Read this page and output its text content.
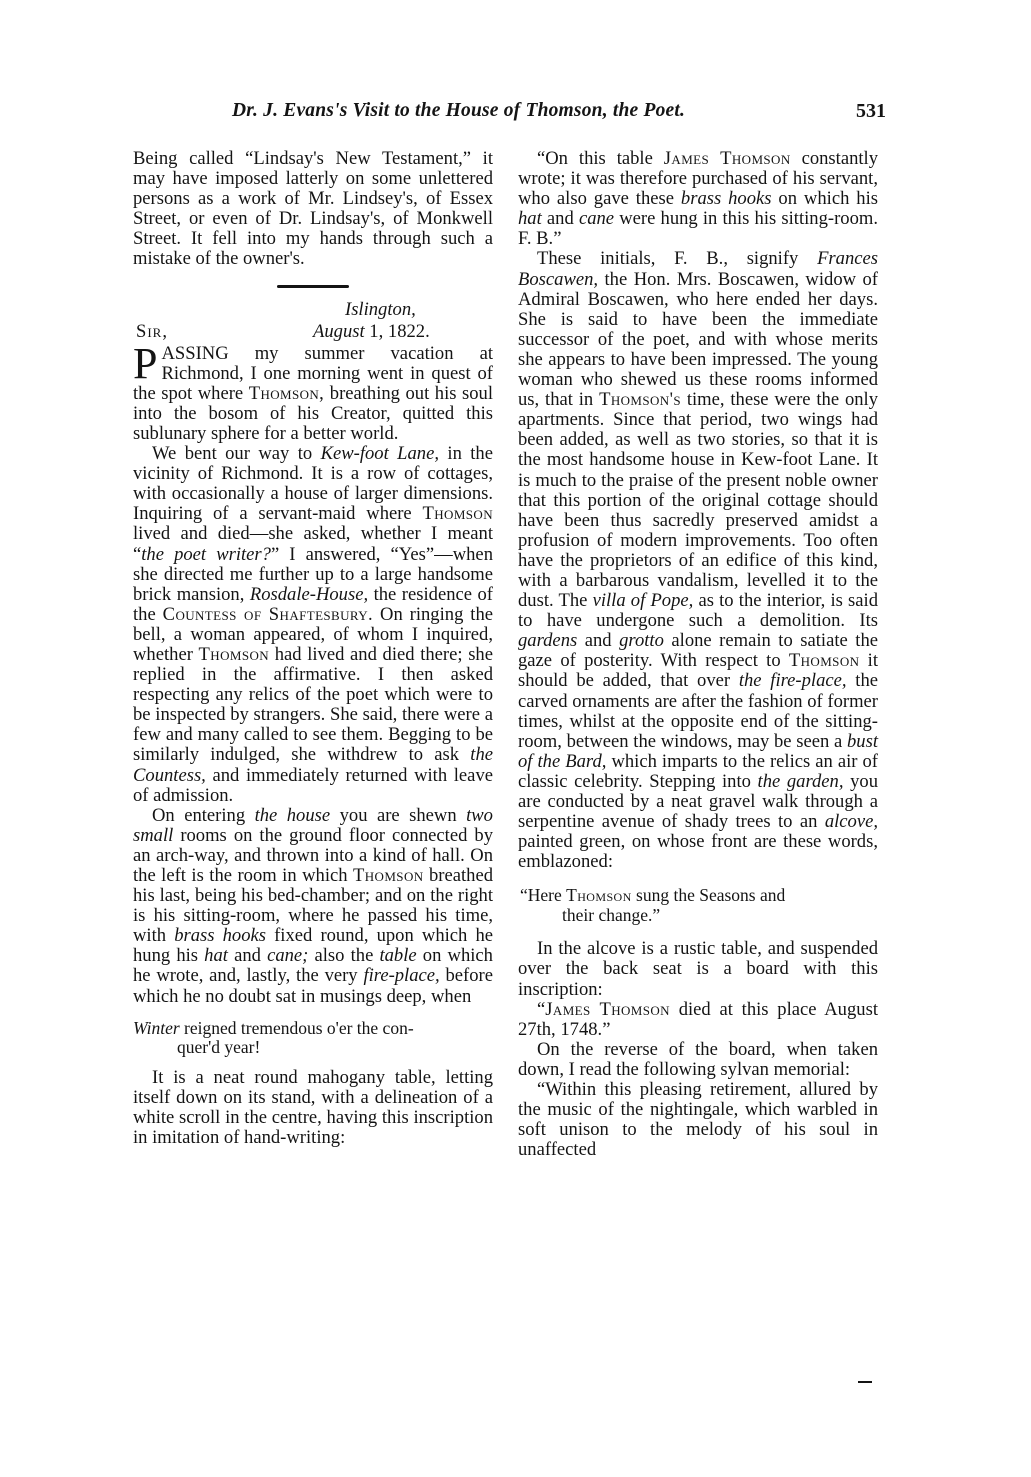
Dr. J. Evans's Visit to the House of Thomson, the Poet.	531

Being called “Lindsay's New Testament,” it may have imposed latterly on some unlettered persons as a work of Mr. Lindsey's, of Essex Street, or even of Dr. Lindsay's, of Monkwell Street. It fell into my hands through such a mistake of the owner's.

Islington,
Sir,	August 1, 1822.

PASSING my summer vacation at Richmond, I one morning went in quest of the spot where Thomson, breathing out his soul into the bosom of his Creator, quitted this sublunary sphere for a better world.

We bent our way to Kew-foot Lane, in the vicinity of Richmond. It is a row of cottages, with occasionally a house of larger dimensions. Inquiring of a servant-maid where Thomson lived and died—she asked, whether I meant “the poet writer?” I answered, “Yes”—when she directed me further up to a large handsome brick mansion, Rosdale-House, the residence of the Countess of Shaftesbury. On ringing the bell, a woman appeared, of whom I inquired, whether Thomson had lived and died there; she replied in the affirmative. I then asked respecting any relics of the poet which were to be inspected by strangers. She said, there were a few and many called to see them. Begging to be similarly indulged, she withdrew to ask the Countess, and immediately returned with leave of admission.

On entering the house you are shewn two small rooms on the ground floor connected by an arch-way, and thrown into a kind of hall. On the left is the room in which Thomson breathed his last, being his bed-chamber; and on the right is his sitting-room, where he passed his time, with brass hooks fixed round, upon which he hung his hat and cane; also the table on which he wrote, and, lastly, the very fire-place, before which he no doubt sat in musings deep, when

Winter reigned tremendous o'er the con-
quer'd year!

It is a neat round mahogany table, letting itself down on its stand, with a delineation of a white scroll in the centre, having this inscription in imitation of hand-writing:

“On this table James Thomson constantly wrote; it was therefore purchased of his servant, who also gave these brass hooks on which his hat and cane were hung in this his sitting-room. F. B.”

These initials, F. B., signify Frances Boscawen, the Hon. Mrs. Boscawen, widow of Admiral Boscawen, who here ended her days. She is said to have been the immediate successor of the poet, and with whose merits she appears to have been impressed. The young woman who shewed us these rooms informed us, that in Thomson's time, these were the only apartments. Since that period, two wings had been added, as well as two stories, so that it is the most handsome house in Kew-foot Lane. It is much to the praise of the present noble owner that this portion of the original cottage should have been thus sacredly preserved amidst a profusion of modern improvements. Too often have the proprietors of an edifice of this kind, with a barbarous vandalism, levelled it to the dust. The villa of Pope, as to the interior, is said to have undergone such a demolition. Its gardens and grotto alone remain to satiate the gaze of posterity. With respect to Thomson it should be added, that over the fire-place, the carved ornaments are after the fashion of former times, whilst at the opposite end of the sitting-room, between the windows, may be seen a bust of the Bard, which imparts to the relics an air of classic celebrity. Stepping into the garden, you are conducted by a neat gravel walk through a serpentine avenue of shady trees to an alcove, painted green, on whose front are these words, emblazoned:

“Here Thomson sung the Seasons and
their change.”

In the alcove is a rustic table, and suspended over the back seat is a board with this inscription:

“James Thomson died at this place August 27th, 1748.”

On the reverse of the board, when taken down, I read the following sylvan memorial:

“Within this pleasing retirement, allured by the music of the nightingale, which warbled in soft unison to the melody of his soul in unaffected
